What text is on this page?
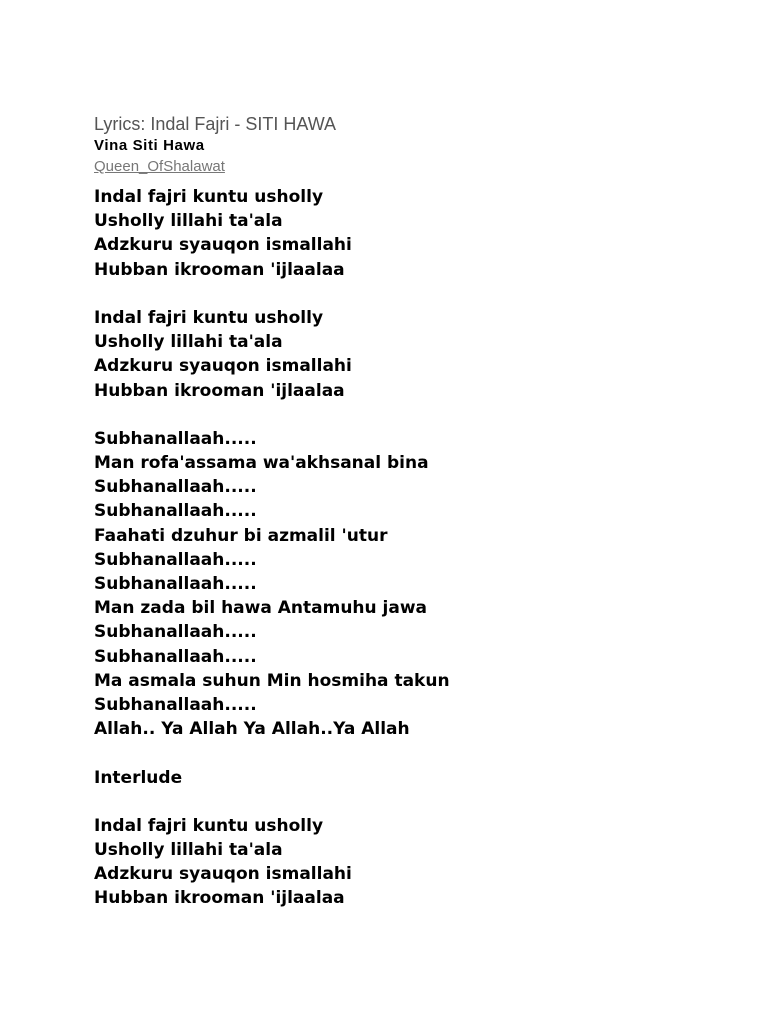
Lyrics: Indal Fajri - SITI HAWA
Vina Siti Hawa
Queen_OfShalawat
Indal fajri kuntu usholly
Usholly lillahi ta'ala
Adzkuru syauqon ismallahi
Hubban ikrooman 'ijlaalaa
Indal fajri kuntu usholly
Usholly lillahi ta'ala
Adzkuru syauqon ismallahi
Hubban ikrooman 'ijlaalaa
Subhanallaah.....
Man rofa'assama wa'akhsanal bina
Subhanallaah.....
Subhanallaah.....
Faahati dzuhur bi azmalil 'utur
Subhanallaah.....
Subhanallaah.....
Man zada bil hawa Antamuhu jawa
Subhanallaah.....
Subhanallaah.....
Ma asmala suhun Min hosmiha takun
Subhanallaah.....
Allah.. Ya Allah Ya Allah..Ya Allah
Interlude
Indal fajri kuntu usholly
Usholly lillahi ta'ala
Adzkuru syauqon ismallahi
Hubban ikrooman 'ijlaalaa
